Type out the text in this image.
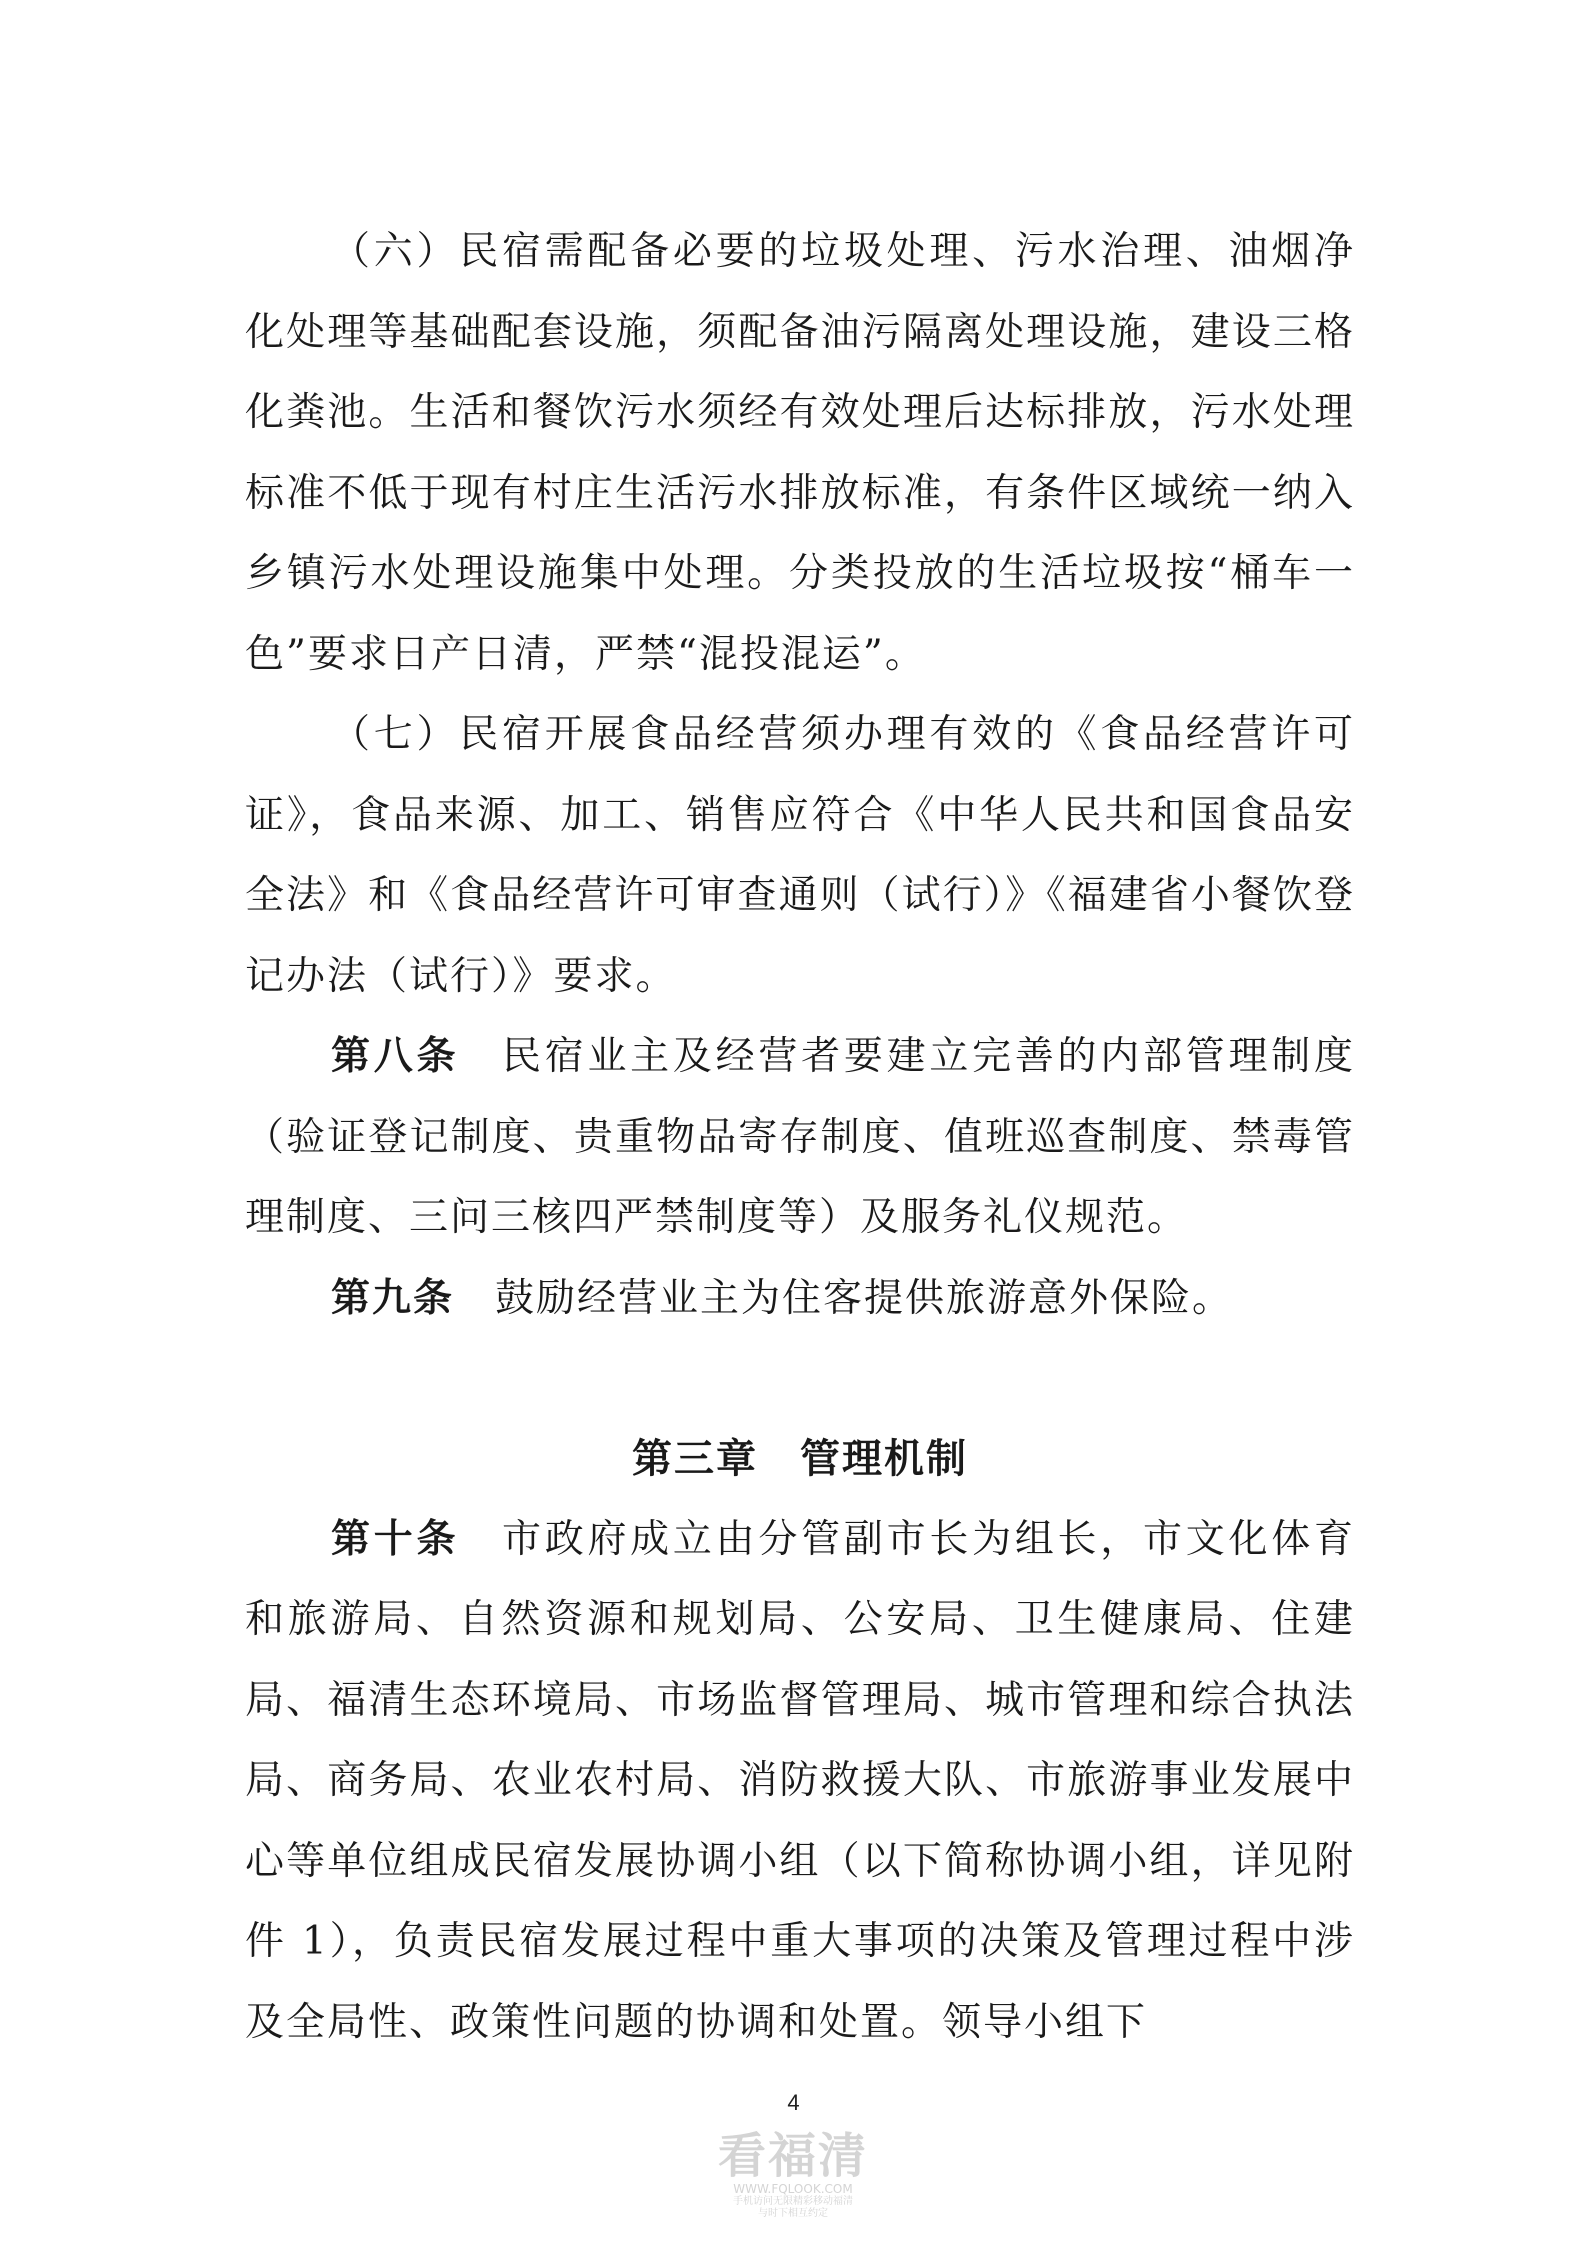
（六）民宿需配备必要的垃圾处理、污水治理、油烟净化处理等基础配套设施，须配备油污隔离处理设施，建设三格化粪池。生活和餐饮污水须经有效处理后达标排放，污水处理标准不低于现有村庄生活污水排放标准，有条件区域统一纳入乡镇污水处理设施集中处理。分类投放的生活垃圾按“桶车一色”要求日产日清，严禁“混投混运”。

（七）民宿开展食品经营须办理有效的《食品经营许可证》，食品来源、加工、销售应符合《中华人民共和国食品安全法》和《食品经营许可审查通则（试行）》《福建省小餐饮登记办法（试行）》要求。

第八条　 民宿业主及经营者要建立完善的内部管理制度（验证登记制度、贵重物品寄存制度、值班巡查制度、禁毒管理制度、三问三核四严禁制度等）及服务礼仪规范。

第九条　 鼓励经营业主为住客提供旅游意外保险。

第三章　管理机制

第十条　 市政府成立由分管副市长为组长，市文化体育和旅游局、自然资源和规划局、公安局、卫生健康局、住建局、福清生态环境局、市场监督管理局、城市管理和综合执法局、商务局、农业农村局、消防救援大队、市旅游事业发展中心等单位组成民宿发展协调小组（以下简称协调小组，详见附件 1），负责民宿发展过程中重大事项的决策及管理过程中涉及全局性、政策性问题的协调和处置。领导小组下

4
看福清
WWW.FQLOOK.COM
手机访问无限精彩移动福清
与时下相互约定
